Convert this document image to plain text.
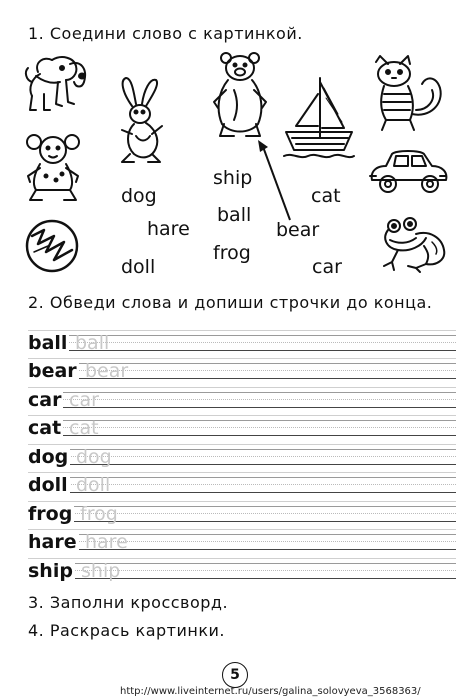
1. Соедини слово с картинкой.
dog
hare
doll
ship
ball
frog
cat
bear
car
2. Обведи слова и допиши строчки до конца.
ball ball
bear bear
car car
cat cat
dog dog
doll doll
frog frog
hare hare
ship ship
3. Заполни кроссворд.
4. Раскрась картинки.
5
http://www.liveinternet.ru/users/galina_solovyeva_3568363/
